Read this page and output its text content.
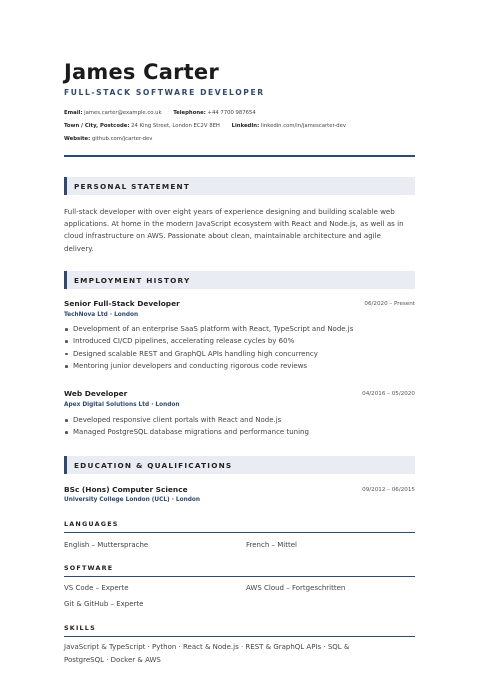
James Carter
FULL-STACK SOFTWARE DEVELOPER
Email: james.carter@example.co.uk Telephone: +44 7700 987654
Town / City, Postcode: 24 King Street, London EC2V 8EH LinkedIn: linkedin.com/in/jamescarter-dev
Website: github.com/jcarter-dev
PERSONAL STATEMENT
Full-stack developer with over eight years of experience designing and building scalable web
applications. At home in the modern JavaScript ecosystem with React and Node.js, as well as in
cloud infrastructure on AWS. Passionate about clean, maintainable architecture and agile
delivery.
EMPLOYMENT HISTORY
Senior Full-Stack Developer	06/2020 – Present
TechNova Ltd · London
Development of an enterprise SaaS platform with React, TypeScript and Node.js
Introduced CI/CD pipelines, accelerating release cycles by 60%
Designed scalable REST and GraphQL APIs handling high concurrency
Mentoring junior developers and conducting rigorous code reviews
Web Developer	04/2016 – 05/2020
Apex Digital Solutions Ltd · London
Developed responsive client portals with React and Node.js
Managed PostgreSQL database migrations and performance tuning
EDUCATION & QUALIFICATIONS
BSc (Hons) Computer Science	09/2012 – 06/2015
University College London (UCL) · London
LANGUAGES
English – Muttersprache	French – Mittel
SOFTWARE
VS Code – Experte	AWS Cloud – Fortgeschritten
Git & GitHub – Experte
SKILLS
JavaScript & TypeScript · Python · React & Node.js · REST & GraphQL APIs · SQL &
PostgreSQL · Docker & AWS
